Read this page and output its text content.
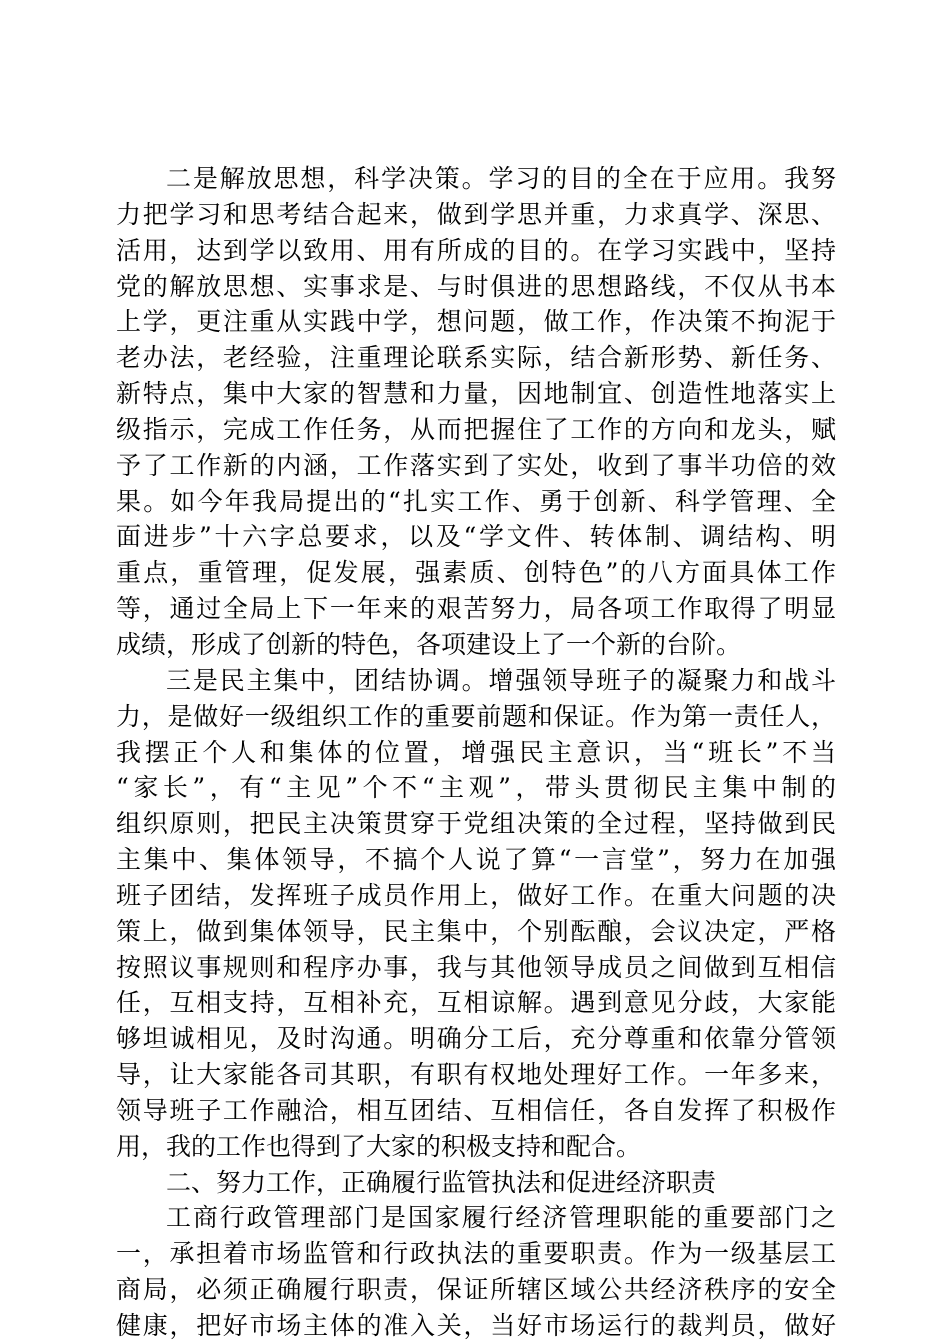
二是解放思想，科学决策。学习的目的全在于应用。我努
力把学习和思考结合起来，做到学思并重，力求真学、深思、
活用，达到学以致用、用有所成的目的。在学习实践中，坚持
党的解放思想、实事求是、与时俱进的思想路线，不仅从书本
上学，更注重从实践中学，想问题，做工作，作决策不拘泥于
老办法，老经验，注重理论联系实际，结合新形势、新任务、
新特点，集中大家的智慧和力量，因地制宜、创造性地落实上
级指示，完成工作任务，从而把握住了工作的方向和龙头，赋
予了工作新的内涵，工作落实到了实处，收到了事半功倍的效
果。如今年我局提出的“扎实工作、勇于创新、科学管理、全
面进步”十六字总要求，以及“学文件、转体制、调结构、明
重点，重管理，促发展，强素质、创特色”的八方面具体工作
等，通过全局上下一年来的艰苦努力，局各项工作取得了明显
成绩，形成了创新的特色，各项建设上了一个新的台阶。
三是民主集中，团结协调。增强领导班子的凝聚力和战斗
力，是做好一级组织工作的重要前题和保证。作为第一责任人，
我摆正个人和集体的位置，增强民主意识，当“班长”不当
“家长”，有“主见”个不“主观”，带头贯彻民主集中制的
组织原则，把民主决策贯穿于党组决策的全过程，坚持做到民
主集中、集体领导，不搞个人说了算“一言堂”，努力在加强
班子团结，发挥班子成员作用上，做好工作。在重大问题的决
策上，做到集体领导，民主集中，个别酝酿，会议决定，严格
按照议事规则和程序办事，我与其他领导成员之间做到互相信
任，互相支持，互相补充，互相谅解。遇到意见分歧，大家能
够坦诚相见，及时沟通。明确分工后，充分尊重和依靠分管领
导，让大家能各司其职，有职有权地处理好工作。一年多来，
领导班子工作融洽，相互团结、互相信任，各自发挥了积极作
用，我的工作也得到了大家的积极支持和配合。
二、努力工作，正确履行监管执法和促进经济职责
工商行政管理部门是国家履行经济管理职能的重要部门之
一，承担着市场监管和行政执法的重要职责。作为一级基层工
商局，必须正确履行职责，保证所辖区域公共经济秩序的安全
健康，把好市场主体的准入关，当好市场运行的裁判员，做好
